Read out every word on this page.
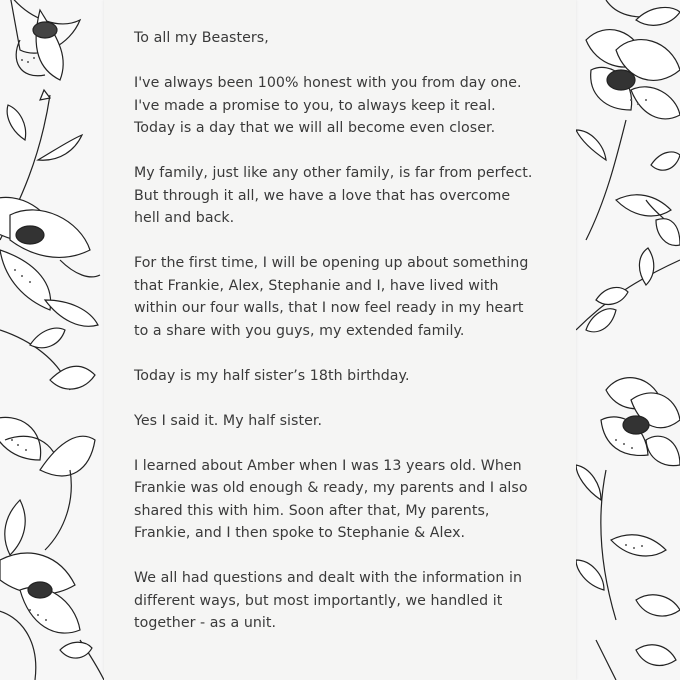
To all my Beasters,

I've always been 100% honest with you from day one.
I've made a promise to you, to always keep it real.
Today is a day that we will all become even closer.

My family, just like any other family, is far from perfect.
But through it all, we have a love that has overcome
hell and back.

For the first time, I will be opening up about something
that Frankie, Alex, Stephanie and I, have lived with
within our four walls, that I now feel ready in my heart
to a share with you guys, my extended family.

Today is my half sister’s 18th birthday.

Yes I said it. My half sister.

I learned about Amber when I was 13 years old. When
Frankie was old enough & ready, my parents and I also
shared this with him. Soon after that, My parents,
Frankie, and I then spoke to Stephanie & Alex.

We all had questions and dealt with the information in
different ways, but most importantly, we handled it
together - as a unit.
